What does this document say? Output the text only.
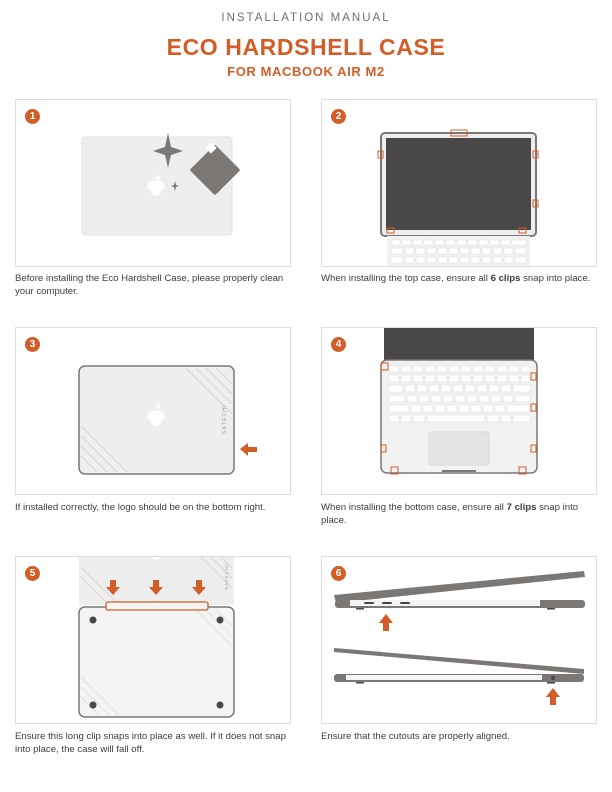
INSTALLATION MANUAL
ECO HARDSHELL CASE
FOR MACBOOK AIR M2
1
Before installing the Eco Hardshell Case, please properly clean your computer.
2
When installing the top case, ensure all 6 clips snap into place.
SATECHI
3
If installed correctly, the logo should be on the bottom right.
4
When installing the bottom case, ensure all 7 clips snap into place.
SATECHI
5
Ensure this long clip snaps into place as well. If it does not snap into place, the case will fall off.
6
Ensure that the cutouts are properly aligned.
